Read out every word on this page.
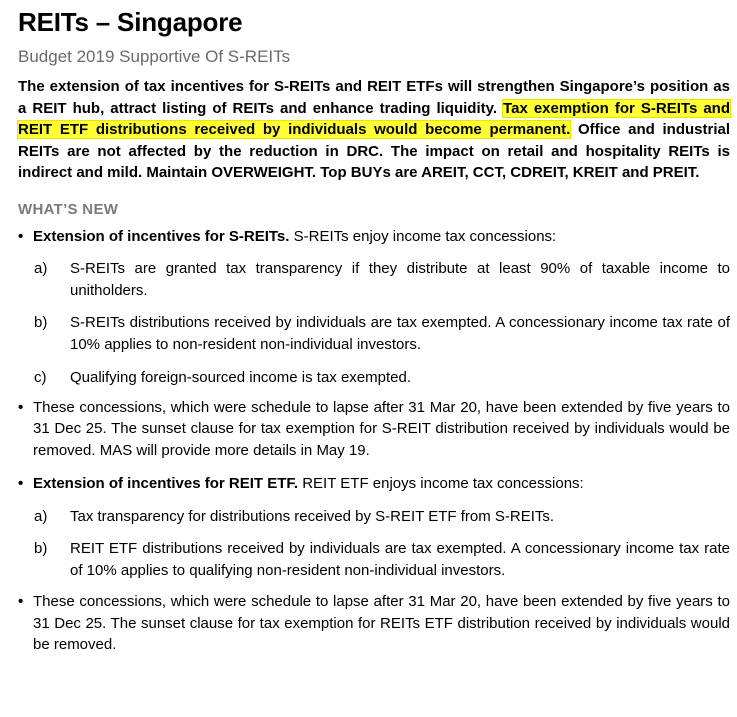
REITs – Singapore
Budget 2019 Supportive Of S-REITs

The extension of tax incentives for S-REITs and REIT ETFs will strengthen Singapore’s position as a REIT hub, attract listing of REITs and enhance trading liquidity. Tax exemption for S-REITs and REIT ETF distributions received by individuals would become permanent. Office and industrial REITs are not affected by the reduction in DRC. The impact on retail and hospitality REITs is indirect and mild. Maintain OVERWEIGHT. Top BUYs are AREIT, CCT, CDREIT, KREIT and PREIT.

WHAT’S NEW
• Extension of incentives for S-REITs. S-REITs enjoy income tax concessions:
a) S-REITs are granted tax transparency if they distribute at least 90% of taxable income to unitholders.
b) S-REITs distributions received by individuals are tax exempted. A concessionary income tax rate of 10% applies to non-resident non-individual investors.
c) Qualifying foreign-sourced income is tax exempted.
• These concessions, which were schedule to lapse after 31 Mar 20, have been extended by five years to 31 Dec 25. The sunset clause for tax exemption for S-REIT distribution received by individuals would be removed. MAS will provide more details in May 19.
• Extension of incentives for REIT ETF. REIT ETF enjoys income tax concessions:
a) Tax transparency for distributions received by S-REIT ETF from S-REITs.
b) REIT ETF distributions received by individuals are tax exempted. A concessionary income tax rate of 10% applies to qualifying non-resident non-individual investors.
• These concessions, which were schedule to lapse after 31 Mar 20, have been extended by five years to 31 Dec 25. The sunset clause for tax exemption for REITs ETF distribution received by individuals would be removed.
